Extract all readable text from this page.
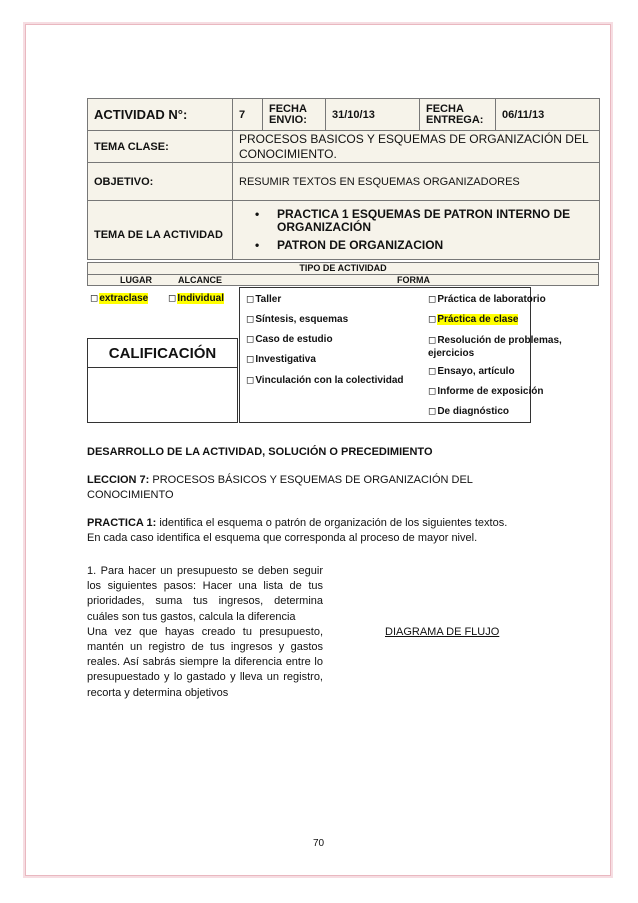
ACTIVIDAD N°:	7	FECHA ENVIO:	31/10/13	FECHA ENTREGA:	06/11/13
TEMA CLASE:	PROCESOS BASICOS Y ESQUEMAS DE ORGANIZACIÓN DEL CONOCIMIENTO.				
OBJETIVO:	RESUMIR TEXTOS EN ESQUEMAS ORGANIZADORES				
TEMA DE LA ACTIVIDAD	• PRACTICA 1 ESQUEMAS DE PATRON INTERNO DE ORGANIZACIÓN
• PATRON DE ORGANIZACION				
TIPO DE ACTIVIDAD
LUGAR	ALCANCE	FORMA
◻ extraclase ◻	Individual
CALIFICACIÓN
◻ Taller
◻ Síntesis, esquemas
◻ Caso de estudio
◻ Investigativa
◻ Vinculación con la colectividad
◻ Práctica de laboratorio
◻ Práctica de clase
◻ Resolución de problemas, ejercicios
◻ Ensayo, artículo
◻ Informe de exposición
◻ De diagnóstico
DESARROLLO DE LA ACTIVIDAD, SOLUCIÓN O PRECEDIMIENTO
LECCION 7: PROCESOS BÁSICOS Y ESQUEMAS DE ORGANIZACIÓN DEL CONOCIMIENTO
PRACTICA 1: identifica el esquema o patrón de organización de los siguientes textos.
En cada caso identifica el esquema que corresponda al proceso de mayor nivel.
1. Para hacer un presupuesto se deben seguir los siguientes pasos: Hacer una lista de tus prioridades, suma tus ingresos, determina cuáles son tus gastos, calcula la diferencia
Una vez que hayas creado tu presupuesto, mantén un registro de tus ingresos y gastos reales. Así sabrás siempre la diferencia entre lo presupuestado y lo gastado y lleva un registro, recorta y determina objetivos
DIAGRAMA DE FLUJO
70
